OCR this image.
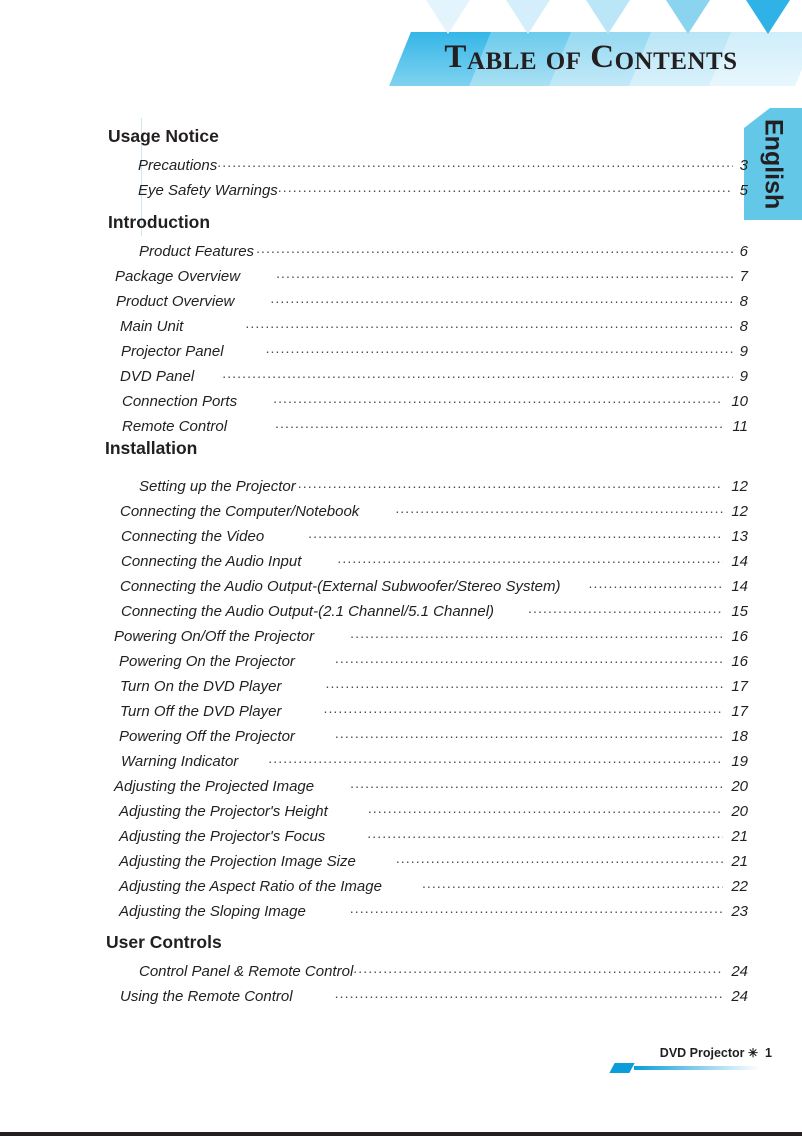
T ABLE
OF
C ONTENTS
English
Usage Notice
Introduction
Installation
User Controls
Precautions .....	3
Eye Safety Warnings .....	5
Product Features .....	6
Package Overview .....	7
Product Overview .....	8
Main Unit .....	8
Projector Panel .....	9
DVD Panel .....	9
Connection Ports .....	10
Remote Control .....	11
Setting up the Projector .....	12
Connecting the Computer/Notebook .....	12
Connecting the Video .....	13
Connecting the Audio Input .....	14
Connecting the Audio Output-(External Subwoofer/Stereo System) .....	14
Connecting the Audio Output-(2.1 Channel/5.1 Channel) .....	15
Powering On/Off the Projector .....	16
Powering On the Projector .....	16
Turn On the DVD Player .....	17
Turn Off the DVD Player .....	17
Powering Off the Projector .....	18
Warning Indicator .....	19
Adjusting the Projected Image .....	20
Adjusting the Projector's Height .....	20
Adjusting the Projector's Focus .....	21
Adjusting the Projection Image Size .....	21
Adjusting the Aspect Ratio of the Image .....	22
Adjusting the Sloping Image .....	23
Control Panel & Remote Control .....	24
Using the Remote Control .....	24
DVD Projector ✳ 1
